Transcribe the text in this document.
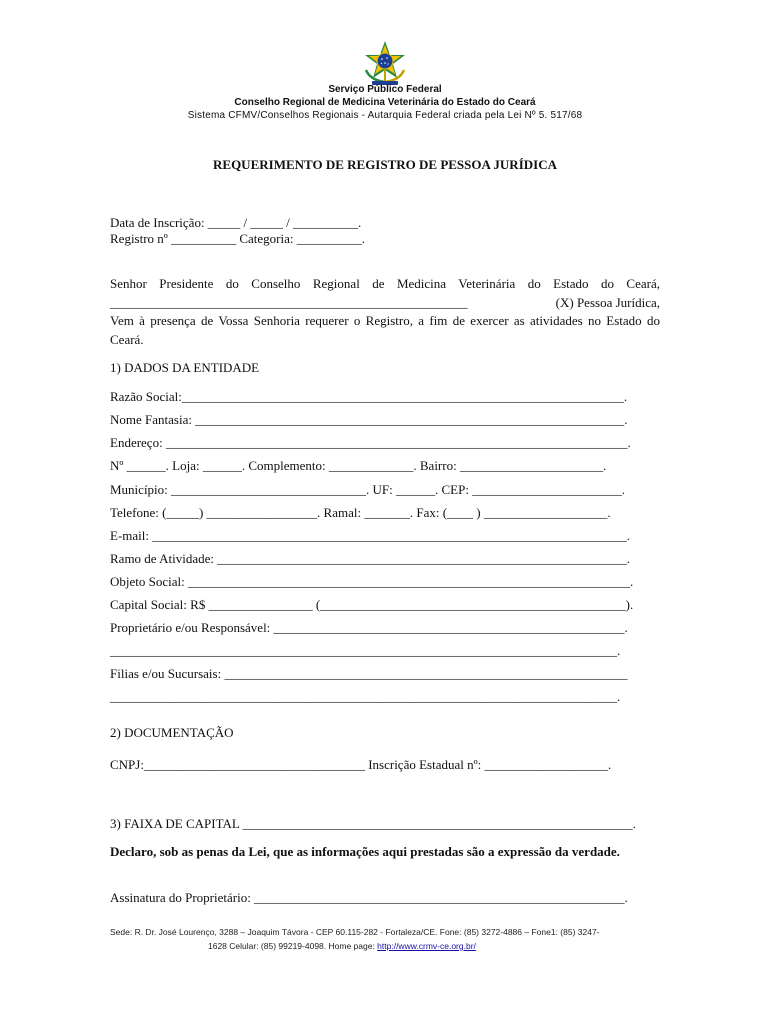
Serviço Público Federal
Conselho Regional de Medicina Veterinária do Estado do Ceará
Sistema CFMV/Conselhos Regionais - Autarquia Federal criada pela Lei Nº 5. 517/68
REQUERIMENTO DE REGISTRO DE PESSOA JURÍDICA
Data de Inscrição: _____ / _____ / __________.
Registro nº __________ Categoria: __________.
Senhor Presidente do Conselho Regional de Medicina Veterinária do Estado do Ceará,
_______________________________________________________	(X) Pessoa Jurídica,
Vem à presença de Vossa Senhoria requerer o Registro, a fim de exercer as atividades no Estado do Ceará.
1) DADOS DA ENTIDADE
Razão Social:____________________________________________________________________.
Nome Fantasia: __________________________________________________________________.
Endereço: _______________________________________________________________________.
Nº ______. Loja: ______. Complemento: _____________. Bairro: ______________________.
Município: ______________________________. UF: ______. CEP: _______________________.
Telefone: (_____) _________________. Ramal: _______. Fax: (____ ) ___________________.
E-mail: _________________________________________________________________________.
Ramo de Atividade: _______________________________________________________________.
Objeto Social: ____________________________________________________________________.
Capital Social: R$ ________________ (_______________________________________________).
Proprietário e/ou Responsável: ______________________________________________________.
______________________________________________________________________________.
Filias e/ou Sucursais: ______________________________________________________________
______________________________________________________________________________.
2) DOCUMENTAÇÃO
CNPJ:__________________________________ Inscrição Estadual nº: ___________________.
3) FAIXA DE CAPITAL ____________________________________________________________.
Declaro, sob as penas da Lei, que as informações aqui prestadas são a expressão da verdade.
Assinatura do Proprietário: _________________________________________________________.
Sede: R. Dr. José Lourenço, 3288 – Joaquim Távora - CEP 60.115-282 - Fortaleza/CE. Fone: (85) 3272-4886 – Fone1: (85) 3247-
1628 Celular: (85) 99219-4098. Home page: http://www.crmv-ce.org.br/
